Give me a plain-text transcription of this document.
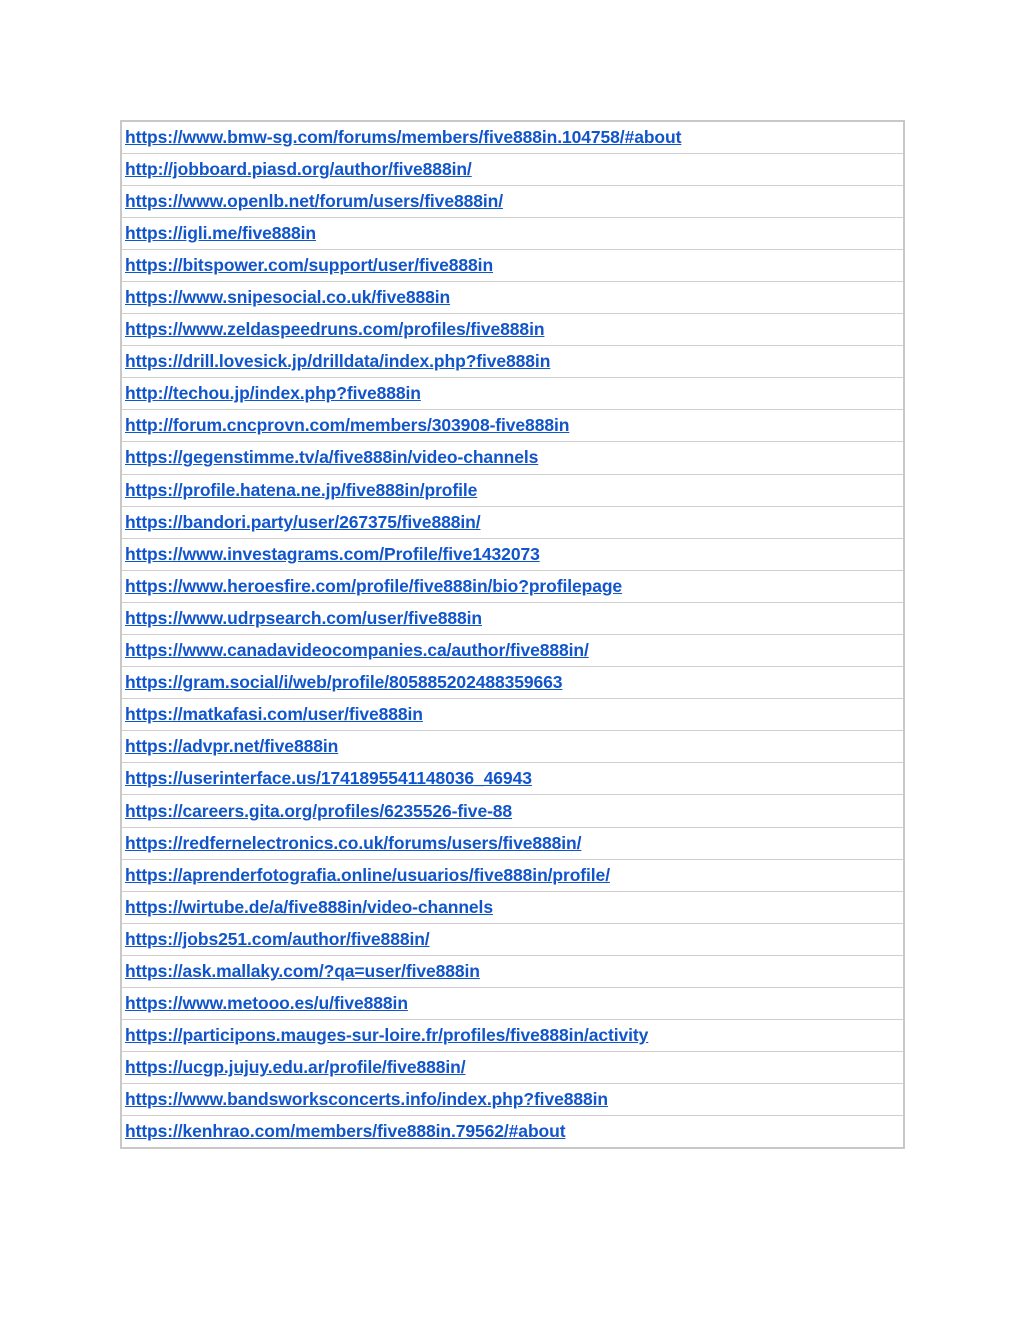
https://www.bmw-sg.com/forums/members/five888in.104758/#about
http://jobboard.piasd.org/author/five888in/
https://www.openlb.net/forum/users/five888in/
https://igli.me/five888in
https://bitspower.com/support/user/five888in
https://www.snipesocial.co.uk/five888in
https://www.zeldaspeedruns.com/profiles/five888in
https://drill.lovesick.jp/drilldata/index.php?five888in
http://techou.jp/index.php?five888in
http://forum.cncprovn.com/members/303908-five888in
https://gegenstimme.tv/a/five888in/video-channels
https://profile.hatena.ne.jp/five888in/profile
https://bandori.party/user/267375/five888in/
https://www.investagrams.com/Profile/five1432073
https://www.heroesfire.com/profile/five888in/bio?profilepage
https://www.udrpsearch.com/user/five888in
https://www.canadavideocompanies.ca/author/five888in/
https://gram.social/i/web/profile/805885202488359663
https://matkafasi.com/user/five888in
https://advpr.net/five888in
https://userinterface.us/1741895541148036_46943
https://careers.gita.org/profiles/6235526-five-88
https://redfernelectronics.co.uk/forums/users/five888in/
https://aprenderfotografia.online/usuarios/five888in/profile/
https://wirtube.de/a/five888in/video-channels
https://jobs251.com/author/five888in/
https://ask.mallaky.com/?qa=user/five888in
https://www.metooo.es/u/five888in
https://participons.mauges-sur-loire.fr/profiles/five888in/activity
https://ucgp.jujuy.edu.ar/profile/five888in/
https://www.bandsworksconcerts.info/index.php?five888in
https://kenhrao.com/members/five888in.79562/#about
